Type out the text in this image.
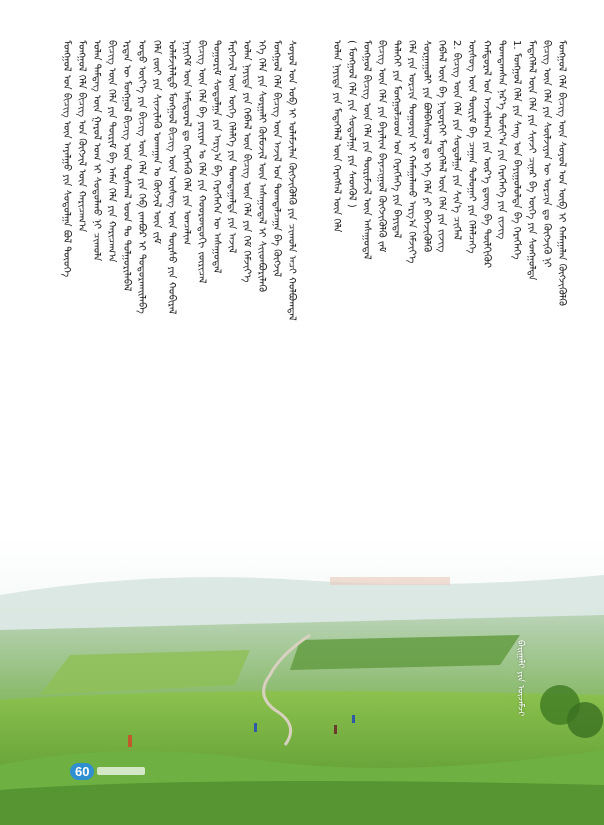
ᠮᠣᠩᠭᠣᠯ ᠤᠨ ᠪᠢᠴᠢᠭ᠌ ᠦᠨ ᠠᠶᠠᠯᠭᠤ ᠶᠢᠨ ᠰᠤᠳᠤᠯᠭᠠ ᠪᠣᠯ ᠲᠦᠦᠬᠡ ᠮᠣᠩᠭᠣᠯ ᠬᠡᠯᠡ ᠪᠢᠴᠢᠭ᠌ ᠤᠨ ᠬᠥᠭᠵᠢᠯ ᠦᠨ ᠬᠠᠷᠢᠴᠠᠭ᠎ᠠ ᠣᠯᠠᠨ ᠲᠡᠮᠳᠡᠭ ᠦᠨ ᠭᠠᠷᠤᠯ ᠤᠭ ᠢ ᠰᠤᠳᠤᠯᠬᠤ ᠨᠢ ᠴᠢᠬᠤᠯᠠ ᠪᠢᠴᠢᠭ᠌ ᠦᠨ ᠬᠡᠯᠡ ᠶᠢᠨ ᠳᠦᠷᠢᠮ ᠪᠠ ᠠᠮᠠᠨ ᠬᠡᠯᠡ ᠶᠢᠨ ᠬᠠᠷᠢᠴᠠᠭ᠎ᠠ ᠡᠷᠲᠡᠨ ᠦ ᠮᠣᠩᠭᠣᠯ ᠪᠢᠴᠢᠭ᠌ ᠦᠨ ᠳᠤᠷᠰᠬᠠᠯ ᠤᠳ ᠲᠤ ᠲᠤᠯᠭᠤᠷᠢᠯᠠᠪᠠᠯ ᠣᠳᠣ ᠦᠶ᠎ᠡ ᠶᠢᠨ ᠪᠢᠴᠢᠭ᠌ ᠦᠨ ᠬᠡᠯᠡ ᠶᠢᠨ ᠬᠡᠪ ᠵᠠᠭᠪᠤᠷ ᠢ ᠲᠣᠳᠤᠷᠬᠠᠢᠯᠠᠪᠠ ᠬᠡᠯᠡ ᠵᠦᠢ ᠶᠢᠨ ᠰᠢᠨᠵᠢᠯᠡᠬᠦ ᠤᠬᠠᠭᠠᠨ ᠤ ᠬᠥᠭᠵᠢᠯ ᠦᠨ ᠵᠢᠮ ᠤᠯᠠᠮᠵᠢᠯᠠᠯᠲᠤ ᠮᠣᠩᠭᠣᠯ ᠪᠢᠴᠢᠭ᠌ ᠦᠨ ᠦᠰᠦᠭ ᠦᠨ ᠳᠦᠷᠰᠦ ᠶᠢᠨ ᠬᠤᠪᠢᠷᠠᠯ ᠨᠡᠶᠢᠭᠡᠮ ᠦᠨ ᠠᠮᠢᠳᠤᠷᠠᠯ ᠳᠤ ᠬᠡᠷᠡᠭᠯᠡᠬᠦ ᠬᠡᠯᠡ ᠶᠢᠨ ᠣᠨᠴᠠᠯᠢᠭ ᠪᠢᠴᠢᠭ᠌ ᠦᠨ ᠬᠡᠯᠡ ᠪᠠ ᠶᠠᠷᠢᠶᠠᠨ ᠤ ᠬᠡᠯᠡ ᠶᠢᠨ ᠬᠣᠤᠷᠣᠨᠳᠤᠬᠢ ᠵᠥᠷᠢᠴᠡᠯ ᠲᠣᠭᠣᠷᠢᠮ ᠰᠤᠳᠤᠯᠭᠠ ᠶᠢᠨ ᠠᠷᠭ᠎ᠠ ᠪᠠ ᠬᠡᠷᠡᠭᠯᠡᠭᠡᠨ ᠦ ᠠᠰᠠᠭᠤᠳᠠᠯ ᠮᠡᠷᠭᠡᠵᠢᠯ ᠦᠨ ᠦᠭᠡ ᠬᠡᠯᠡᠯᠭᠡ ᠶᠢᠨ ᠲᠣᠭᠲᠠᠭᠠᠯᠲᠠ ᠶᠢᠨ ᠠᠵᠢᠯ ᠣᠯᠠᠨ ᠨᠡᠶᠢᠲᠡ ᠶᠢᠨ ᠬᠡᠪᠯᠡᠯ ᠦᠨ ᠪᠢᠴᠢᠭ᠌ ᠦᠨ ᠬᠡᠯᠡ ᠶᠢᠨ ᠬᠡᠮ ᠬᠡᠮᠵᠢᠶ᠎ᠡ ᠡᠬᠡ ᠬᠡᠯᠡ ᠶᠢᠨ ᠰᠤᠷᠭᠠᠯᠢ ᠬᠦᠮᠦᠵᠢᠯ ᠦᠨ ᠠᠰᠠᠭᠤᠳᠠᠯ ᠢ ᠰᠢᠢᠳᠪᠦᠷᠢᠯᠡᠬᠦ ᠮᠣᠩᠭᠣᠯ ᠬᠡᠯᠡ ᠪᠢᠴᠢᠭ᠌ ᠦᠨ ᠠᠵᠢᠯ ᠤᠨ ᠲᠣᠭᠲᠠᠯᠴᠠᠭᠠ ᠪᠠ ᠬᠥᠭᠵᠢᠯ ᠰᠣᠶᠣᠯ ᠤᠨ ᠣᠪ ᠢ ᠤᠯᠠᠮᠵᠢᠯᠠᠨ ᠬᠥᠭᠵᠢᠭᠦᠯᠬᠦ ᠶᠢᠨ ᠴᠢᠬᠤᠯᠠ ᠠᠴᠢ ᠬᠣᠯᠪᠣᠭᠳᠠᠯ	ᠣᠯᠠᠨ ᠨᠡᠶᠢᠲᠡ ᠶᠢᠨ ᠮᠡᠳᠡᠭᠡᠯᠡᠯ ᠦᠨ ᠬᠡᠷᠡᠭᠰᠡᠯ ᠦᠨ ᠬᠡᠯᠡ ( ᠮᠣᠩᠭᠣᠯ ᠬᠡᠯᠡ ᠶᠢᠨ ᠰᠤᠳᠤᠯᠭᠠ ᠶᠢᠨ ᠰᠡᠳᠬᠦᠯ ) ᠮᠣᠩᠭᠣᠯ ᠪᠢᠴᠢᠭ᠌ ᠦᠨ ᠬᠡᠯᠡ ᠶᠢᠨ ᠳᠦᠷᠢᠮᠵᠢᠯ ᠦᠨ ᠠᠰᠠᠭᠤᠳᠠᠯ ᠪᠢᠴᠢᠭ᠌ ᠦᠨ ᠬᠡᠯᠡ ᠶᠢᠨ ᠪᠠᠶᠠᠯᠢᠭ ᠪᠠᠶᠠᠴᠢᠭᠤᠯ ᠬᠥᠭᠵᠢᠭᠦᠯᠬᠦ ᠵᠠᠮ ᠳᠡᠯᠡᠬᠡᠢ ᠶᠢᠨ ᠮᠣᠩᠭᠣᠯᠴᠤᠳ ᠤᠨ ᠬᠡᠷᠡᠭᠯᠡᠭᠡ ᠶᠢᠨ ᠪᠠᠶᠢᠳᠠᠯ ᠬᠡᠯᠡ ᠶᠢᠨ ᠣᠷᠴᠢᠨ ᠲᠣᠭᠣᠷᠢᠨ ᠢ ᠬᠠᠮᠠᠭᠠᠯᠠᠬᠤ ᠠᠷᠭ᠎ᠠ ᠬᠡᠮᠵᠢᠶ᠎ᠡ ᠰᠤᠷᠭᠠᠭᠤᠯᠢ ᠶᠢᠨ ᠪᠣᠯᠪᠠᠰᠤᠷᠠᠯ ᠳᠤ ᠡᠬᠡ ᠬᠡᠯᠡ ᠶᠢ ᠪᠡᠭᠡᠵᠢᠭᠦᠯᠬᠦ ᠬᠡᠪᠯᠡᠯ ᠦᠨ ᠪᠠ ᠨᠡᠲᠦᠷᠬᠡᠢ ᠮᠡᠳᠡᠭᠡᠯᠡᠯ ᠦᠨ ᠬᠡᠯᠡ ᠶᠢᠨ ᠵᠢᠵᠢᠭ᠌ 2. ᠪᠢᠴᠢᠭ᠌ ᠦᠨ ᠬᠡᠯᠡ ᠶᠢᠨ ᠰᠤᠳᠤᠯᠭᠠ ᠶᠢᠨ ᠰᠢᠨ᠎ᠡ ᠴᠢᠭᠯᠡᠯ ᠦᠰᠦᠭ ᠦᠨ ᠳᠦᠷᠢᠮ ᠪᠠ ᠴᠠᠭᠠᠨ ᠲᠣᠯᠣᠭᠠᠢ ᠶᠢᠨ ᠬᠡᠯᠡᠯᠴᠡᠭᠡ ᠬᠠᠮᠲᠤᠷᠠᠯ ᠤᠨ ᠠᠵᠢᠯᠯᠠᠭ᠎ᠠ ᠶᠢᠨ ᠦᠷ᠎ᠡ ᠳ᠋ᠦᠩ ᠪᠠ ᠲᠦᠯᠬᠢᠭᠦᠷ ᠲᠣᠭᠲᠠᠭᠰᠠᠨ ᠨᠡᠷ᠎ᠡ ᠲᠣᠮᠢᠶ᠎ᠠ ᠶᠢᠨ ᠬᠡᠷᠡᠭᠯᠡᠭᠡ ᠶᠢᠨ ᠵᠢᠵᠢᠭ᠌ 1. ᠮᠣᠩᠭᠣᠯ ᠬᠡᠯᠡ ᠶᠢᠨ ᠰᠠᠩ ᠤᠨ ᠪᠠᠶᠢᠭᠤᠯᠤᠯᠲᠠ ᠪᠠ ᠬᠡᠷᠡᠭᠯᠡᠭᠡ ᠮᠡᠳᠡᠭᠡᠯᠡᠯ ᠦᠨ ᠬᠡᠯᠡ ᠶᠢᠨ ᠰᠢᠨᠵᠢ ᠴᠢᠨᠠᠷ ᠪᠠ ᠦᠭᠡ ᠶᠢᠨ ᠰᠣᠩᠭᠣᠯᠲᠠ ᠪᠢᠴᠢᠭ᠌ ᠦᠨ ᠬᠡᠯᠡ ᠶᠢᠨ ᠰᠦᠯᠵᠢᠶᠡᠨ ᠦ ᠣᠷᠴᠢᠨ ᠳᠤ ᠬᠥᠭᠵᠢᠬᠦ ᠨᠢ ᠮᠣᠩᠭᠣᠯ ᠬᠡᠯᠡ ᠪᠢᠴᠢᠭ᠌ ᠦᠨ ᠰᠣᠶᠣᠯ ᠤᠨ ᠥᠪ ᠢ ᠬᠠᠮᠠᠭᠠᠯᠠᠨ ᠬᠥᠭᠵᠢᠭᠦᠯᠬᠦ
ᠪᠠᠢᠭᠠᠯᠢ ᠶᠢᠨ ᠦᠵᠡᠮᠵᠢ
60
